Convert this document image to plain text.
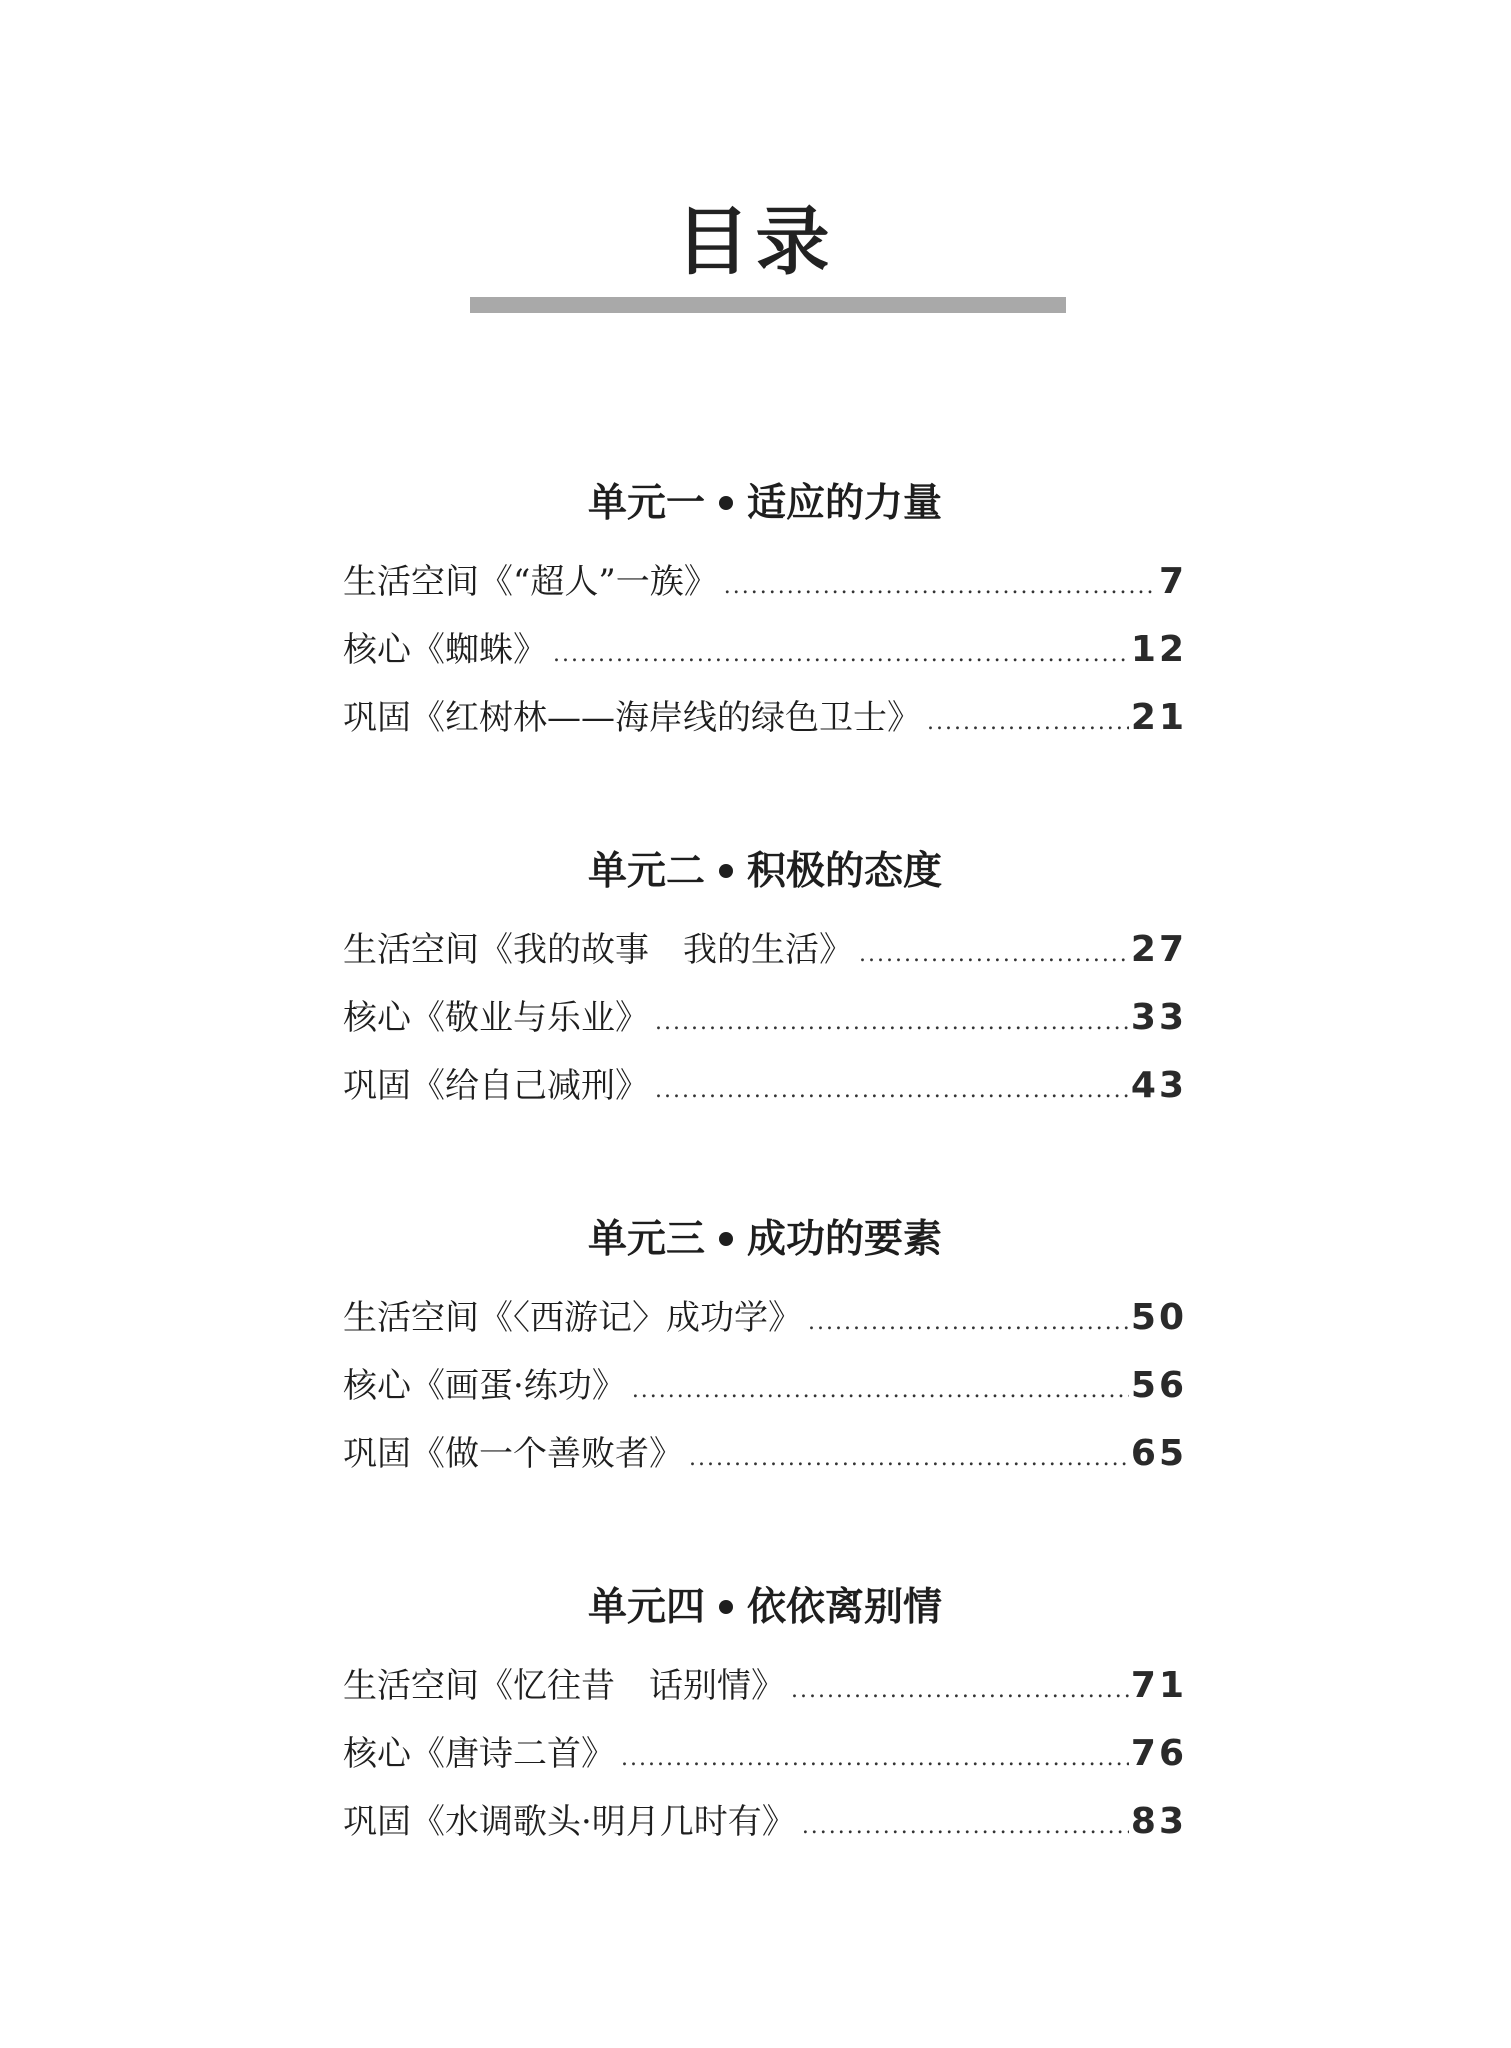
目录
单元一 适应的力量
生活空间《“超人”一族》 .....	7
核心《蜘蛛》 .....	12
巩固《红树林——海岸线的绿色卫士》 .....	21
单元二 积极的态度
生活空间《我的故事　我的生活》 .....	27
核心《敬业与乐业》 .....	33
巩固《给自己减刑》 .....	43
单元三 成功的要素
生活空间《〈西游记〉成功学》 .....	50
核心《画蛋·练功》 .....	56
巩固《做一个善败者》 .....	65
单元四 依依离别情
生活空间《忆往昔　话别情》 .....	71
核心《唐诗二首》 .....	76
巩固《水调歌头·明月几时有》 .....	83
